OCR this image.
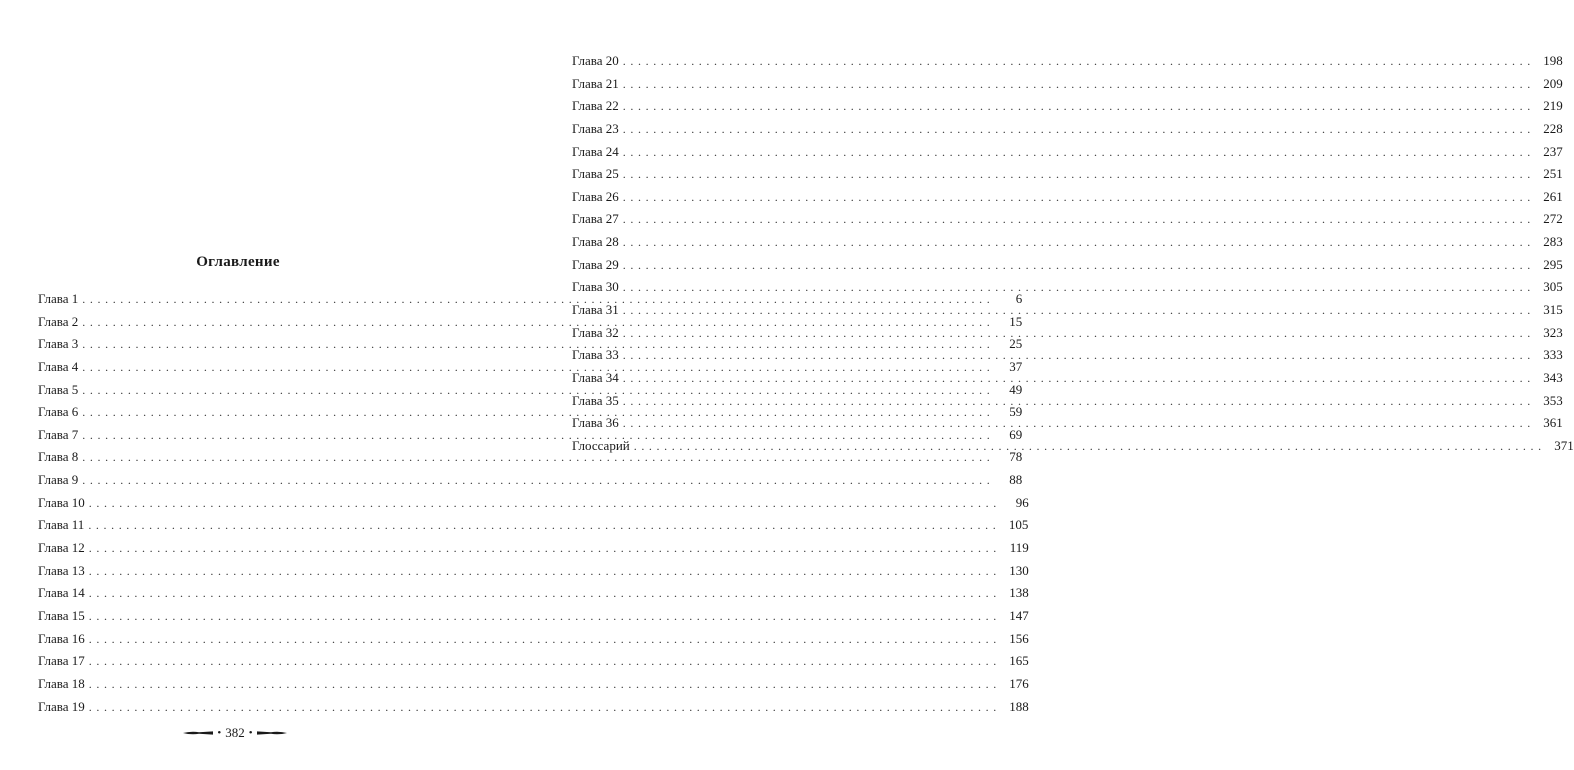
Оглавление
Глава 1 ........................................................................................................................	6
Глава 2 ........................................................................................................................	15
Глава 3 ........................................................................................................................	25
Глава 4 ........................................................................................................................	37
Глава 5 ........................................................................................................................	49
Глава 6 ........................................................................................................................	59
Глава 7 ........................................................................................................................	69
Глава 8 ........................................................................................................................	78
Глава 9 ........................................................................................................................	88
Глава 10 ........................................................................................................................	96
Глава 11 ........................................................................................................................ 105
Глава 12 ........................................................................................................................ 119
Глава 13 ........................................................................................................................ 130
Глава 14 ........................................................................................................................ 138
Глава 15 ........................................................................................................................ 147
Глава 16 ........................................................................................................................ 156
Глава 17 ........................................................................................................................ 165
Глава 18 ........................................................................................................................ 176
Глава 19 ........................................................................................................................ 188
• 382 •
Глава 20 ........................................................................................................................ 198
Глава 21 ........................................................................................................................ 209
Глава 22 ........................................................................................................................ 219
Глава 23 ........................................................................................................................ 228
Глава 24 ........................................................................................................................ 237
Глава 25 ........................................................................................................................ 251
Глава 26 ........................................................................................................................ 261
Глава 27 ........................................................................................................................ 272
Глава 28 ........................................................................................................................ 283
Глава 29 ........................................................................................................................ 295
Глава 30 ........................................................................................................................ 305
Глава 31 ........................................................................................................................ 315
Глава 32 ........................................................................................................................ 323
Глава 33 ........................................................................................................................ 333
Глава 34 ........................................................................................................................ 343
Глава 35 ........................................................................................................................ 353
Глава 36 ........................................................................................................................ 361
Глоссарий ........................................................................................................................ 371
